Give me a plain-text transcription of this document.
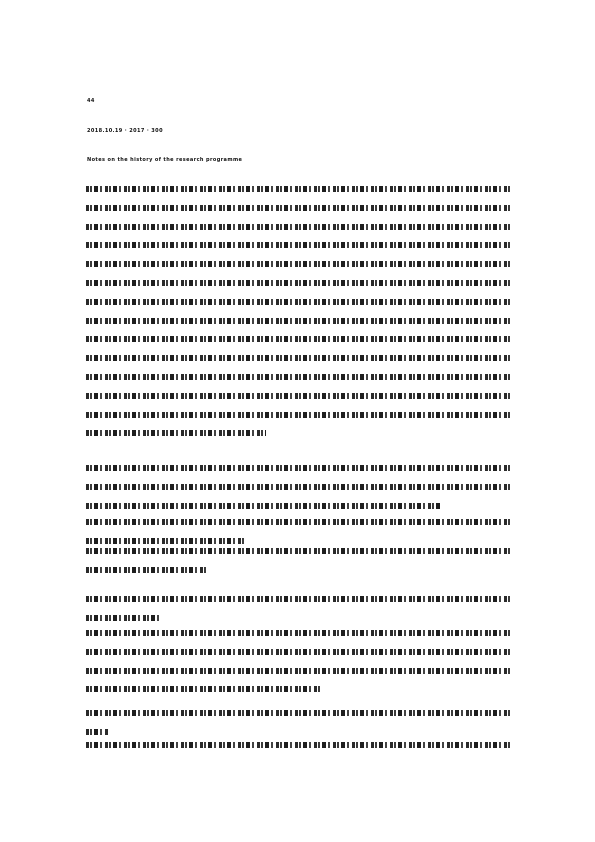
44

2018.10.19 · 2017 · 300

Notes on the history of the research programme
